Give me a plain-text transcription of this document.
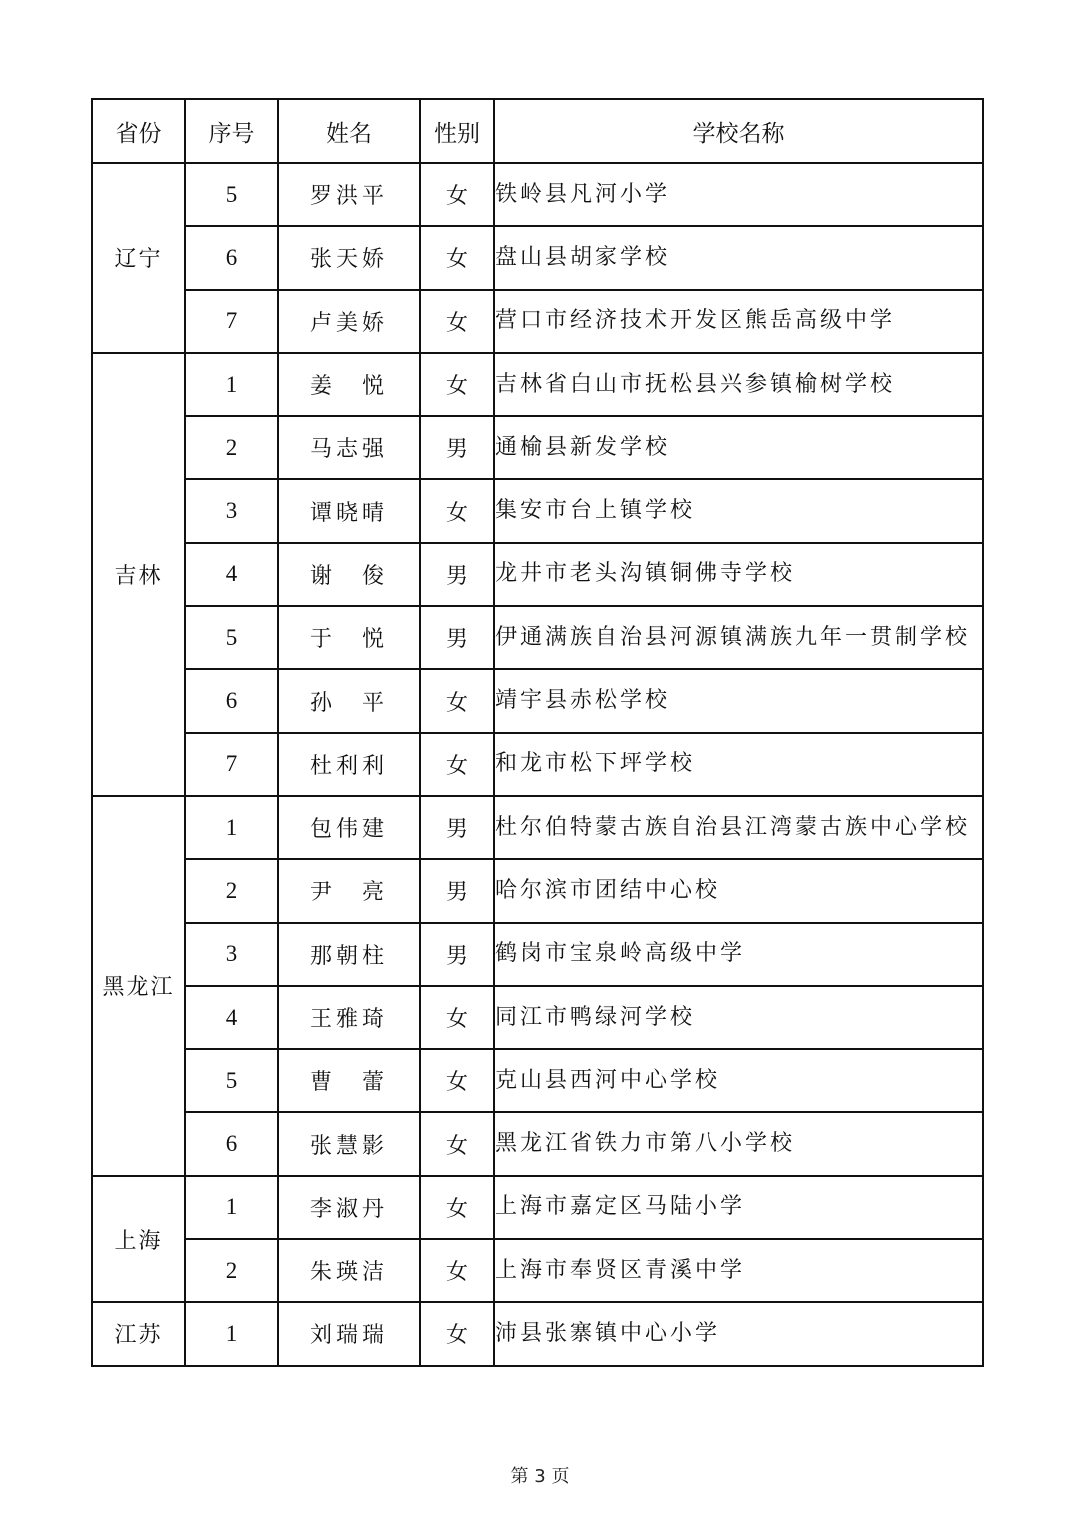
省份	序号	姓名	性别	学校名称
辽宁	5	罗洪平	女	铁岭县凡河小学
	6	张天娇	女	盘山县胡家学校
	7	卢美娇	女	营口市经济技术开发区熊岳高级中学
吉林	1	姜　悦	女	吉林省白山市抚松县兴参镇榆树学校
	2	马志强	男	通榆县新发学校
	3	谭晓晴	女	集安市台上镇学校
	4	谢　俊	男	龙井市老头沟镇铜佛寺学校
	5	于　悦	男	伊通满族自治县河源镇满族九年一贯制学校
	6	孙　平	女	靖宇县赤松学校
	7	杜利利	女	和龙市松下坪学校
黑龙江	1	包伟建	男	杜尔伯特蒙古族自治县江湾蒙古族中心学校
	2	尹　亮	男	哈尔滨市团结中心校
	3	那朝柱	男	鹤岗市宝泉岭高级中学
	4	王雅琦	女	同江市鸭绿河学校
	5	曹　蕾	女	克山县西河中心学校
	6	张慧影	女	黑龙江省铁力市第八小学校
上海	1	李淑丹	女	上海市嘉定区马陆小学
	2	朱瑛洁	女	上海市奉贤区青溪中学
江苏	1	刘瑞瑞	女	沛县张寨镇中心小学
第 3 页
